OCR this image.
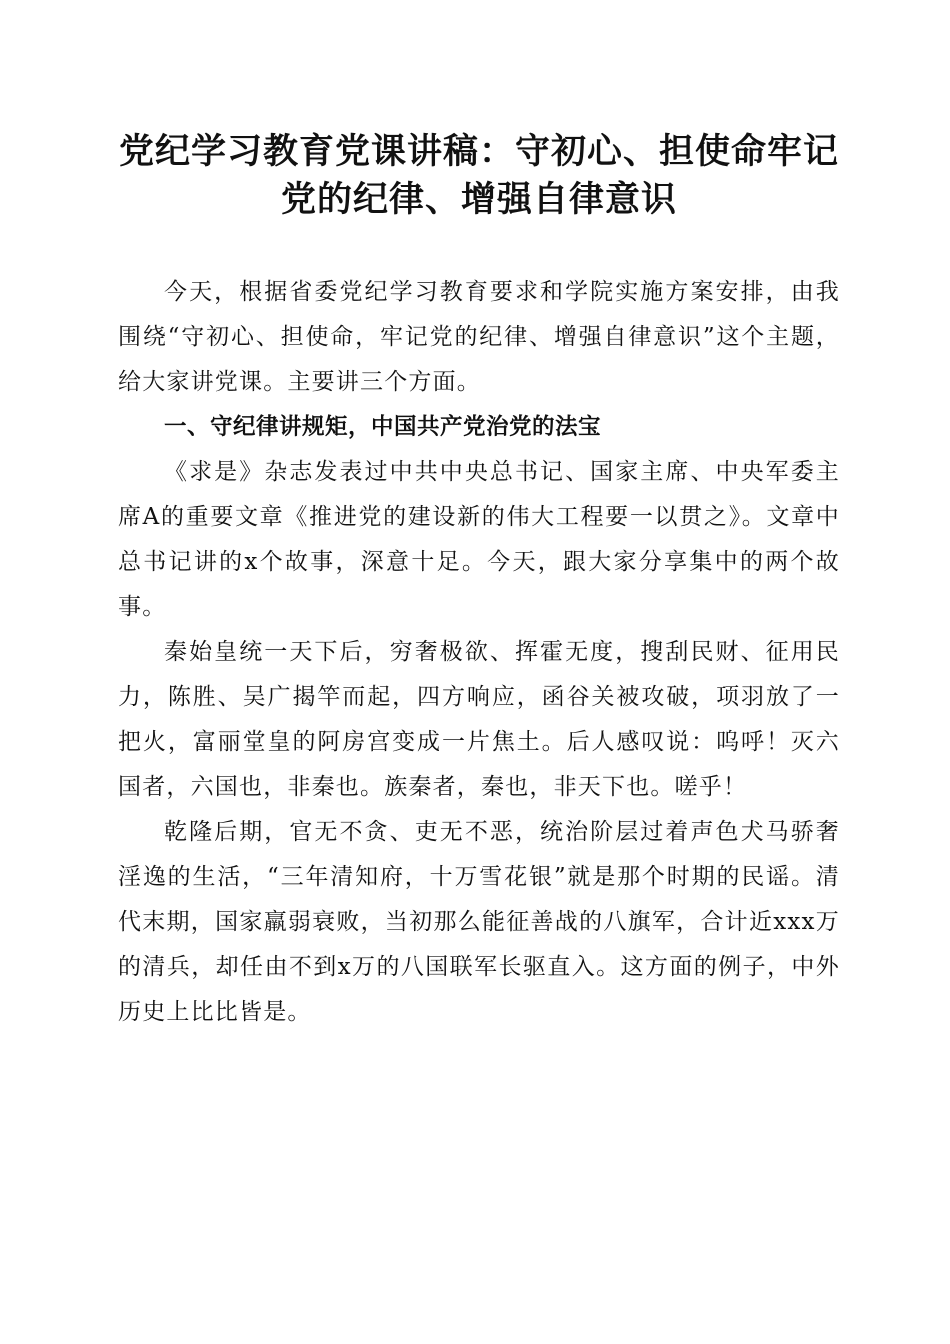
党纪学习教育党课讲稿：守初心、担使命牢记
党的纪律、增强自律意识

今天，根据省委党纪学习教育要求和学院实施方案安排，由我围绕“守初心、担使命，牢记党的纪律、增强自律意识”这个主题，给大家讲党课。主要讲三个方面。

一、守纪律讲规矩，中国共产党治党的法宝

《求是》杂志发表过中共中央总书记、国家主席、中央军委主席A的重要文章《推进党的建设新的伟大工程要一以贯之》。文章中总书记讲的x个故事，深意十足。今天，跟大家分享集中的两个故事。

秦始皇统一天下后，穷奢极欲、挥霍无度，搜刮民财、征用民力，陈胜、吴广揭竿而起，四方响应，函谷关被攻破，项羽放了一把火，富丽堂皇的阿房宫变成一片焦土。后人感叹说：呜呼！灭六国者，六国也，非秦也。族秦者，秦也，非天下也。嗟乎！

乾隆后期，官无不贪、吏无不恶，统治阶层过着声色犬马骄奢淫逸的生活，“三年清知府，十万雪花银”就是那个时期的民谣。清代末期，国家羸弱衰败，当初那么能征善战的八旗军，合计近xxx万的清兵，却任由不到x万的八国联军长驱直入。这方面的例子，中外历史上比比皆是。
